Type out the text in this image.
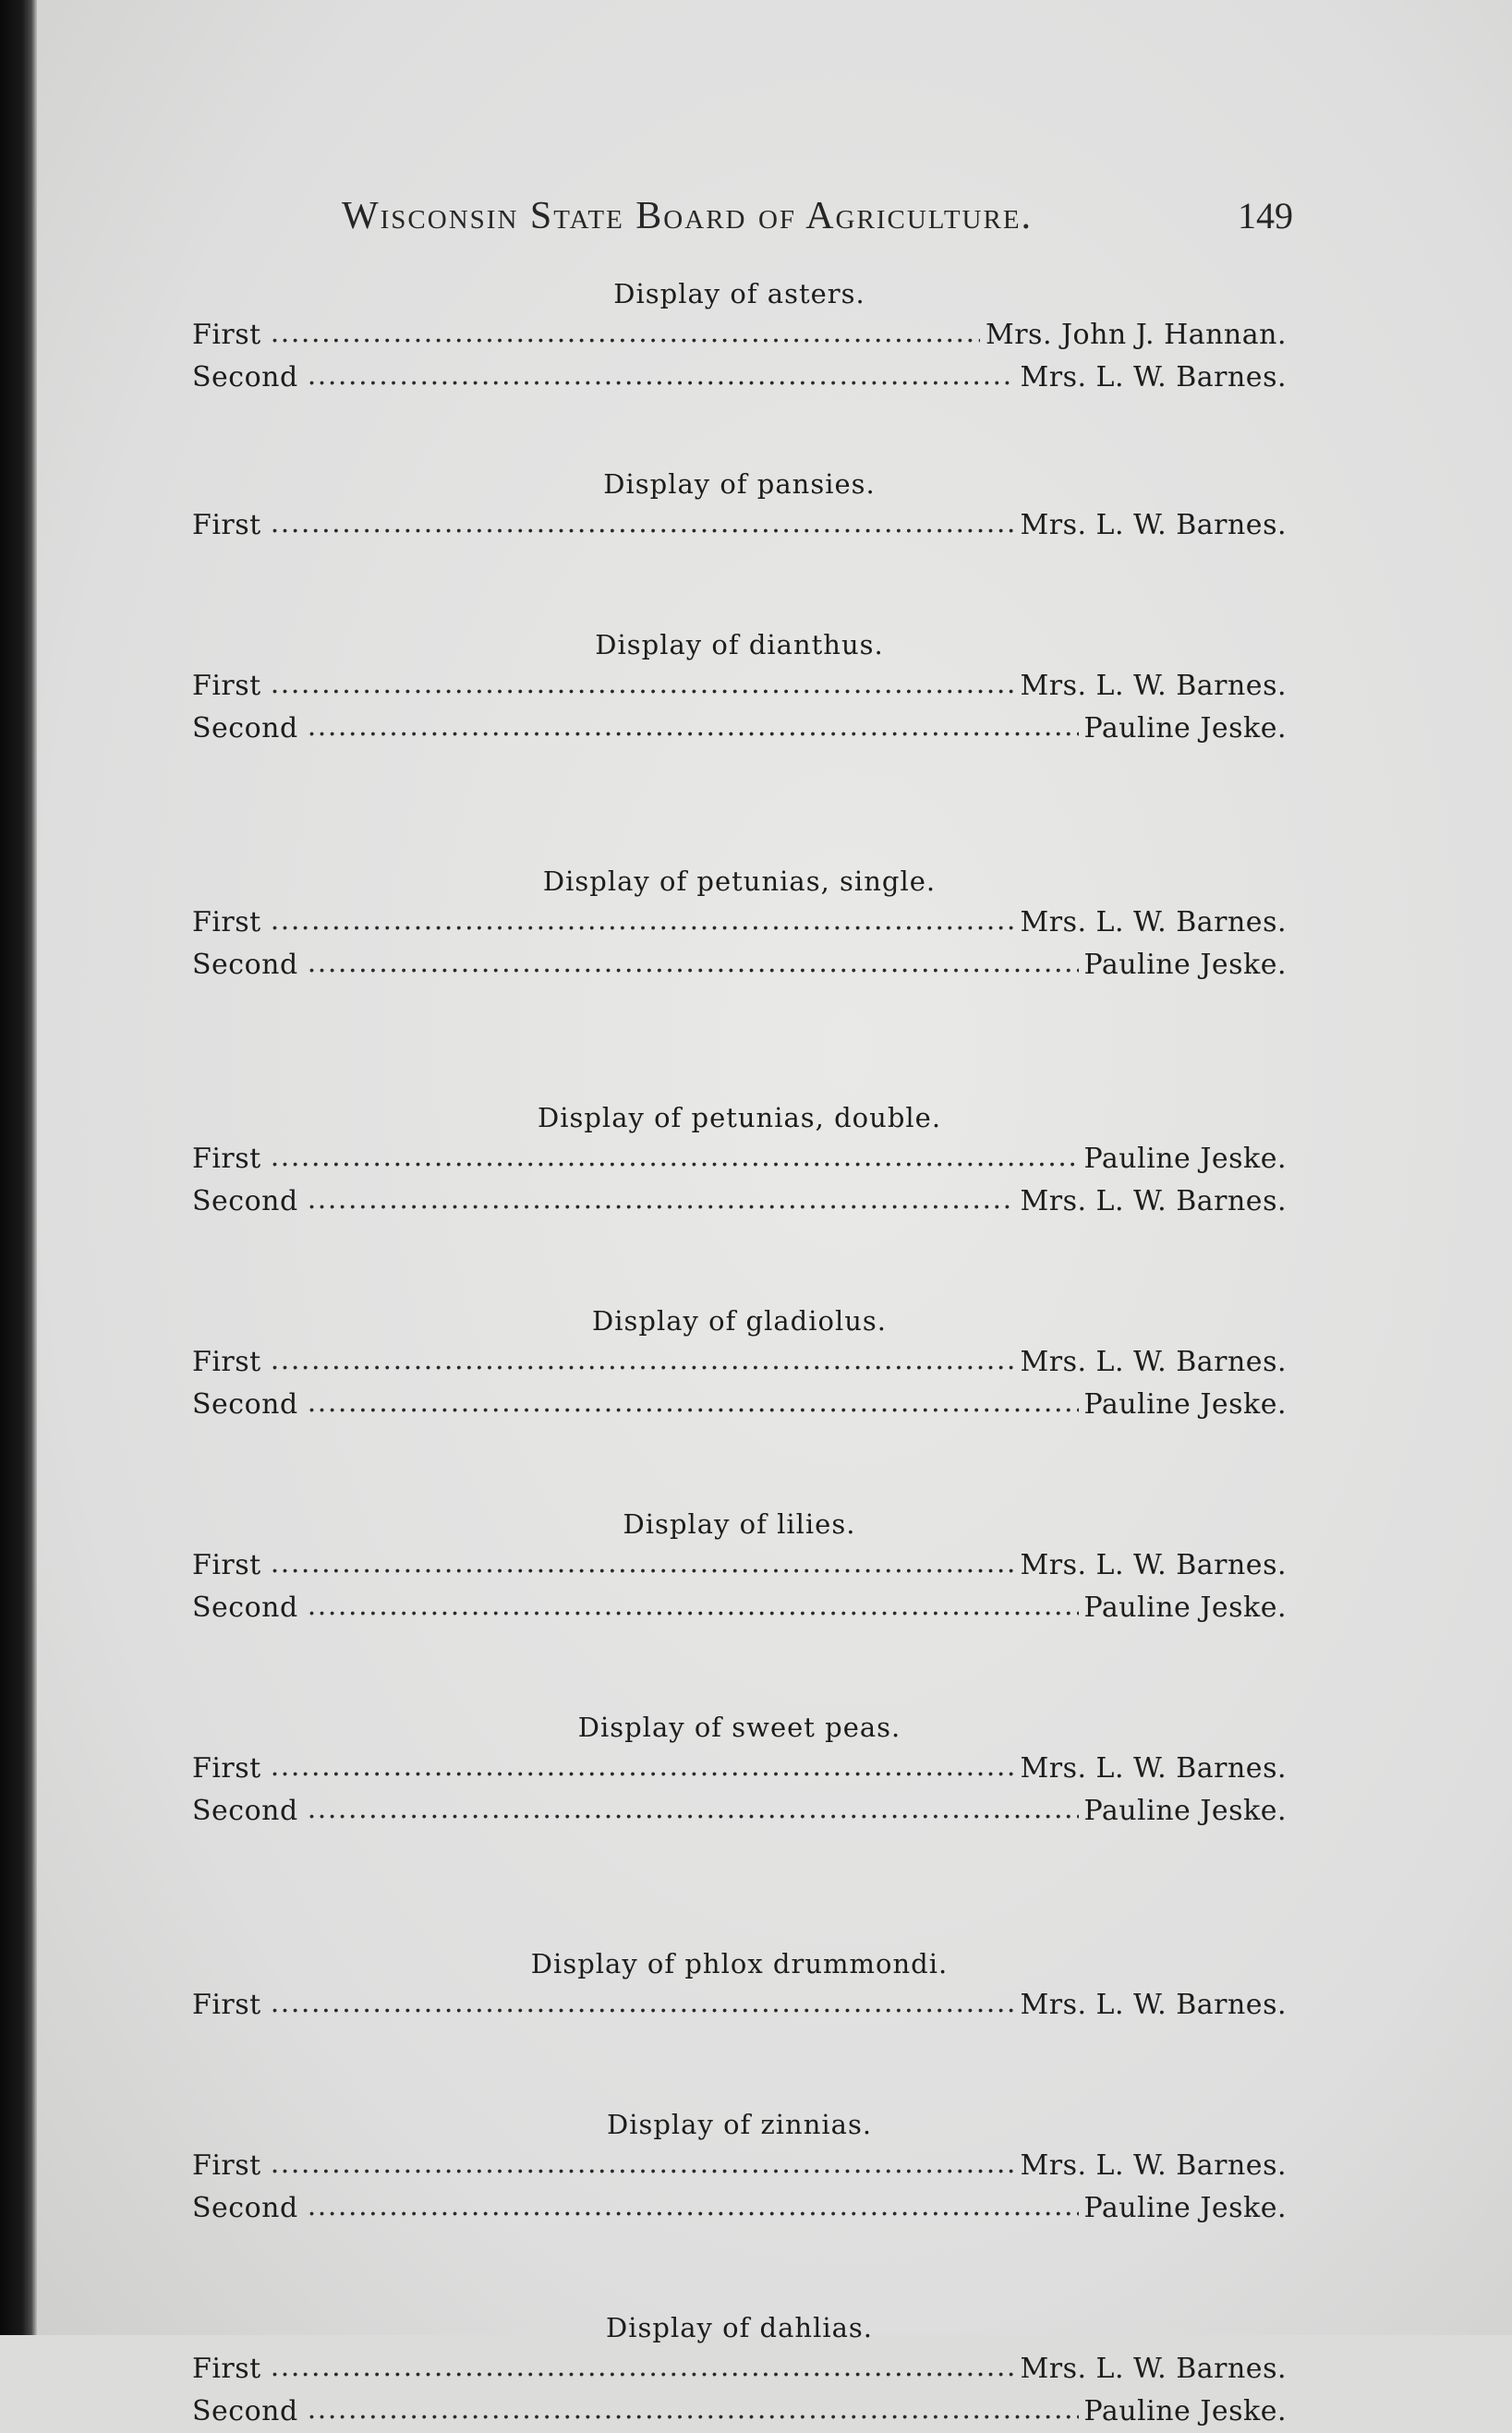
Wisconsin State Board of Agriculture.	149
Display of asters.
First . . .	Mrs. John J. Hannan.
Second . . .	Mrs. L. W. Barnes.
Display of pansies.
First . . .	Mrs. L. W. Barnes.
Display of dianthus.
First . . .	Mrs. L. W. Barnes.
Second . . .	Pauline Jeske.
Display of petunias, single.
First . . .	Mrs. L. W. Barnes.
Second . . .	Pauline Jeske.
Display of petunias, double.
First . . .	Pauline Jeske.
Second . . .	Mrs. L. W. Barnes.
Display of gladiolus.
First . . .	Mrs. L. W. Barnes.
Second . . .	Pauline Jeske.
Display of lilies.
First . . .	Mrs. L. W. Barnes.
Second . . .	Pauline Jeske.
Display of sweet peas.
First . . .	Mrs. L. W. Barnes.
Second . . .	Pauline Jeske.
Display of phlox drummondi.
First . . .	Mrs. L. W. Barnes.
Display of zinnias.
First . . .	Mrs. L. W. Barnes.
Second . . .	Pauline Jeske.
Display of dahlias.
First . . .	Mrs. L. W. Barnes.
Second . . .	Pauline Jeske.
